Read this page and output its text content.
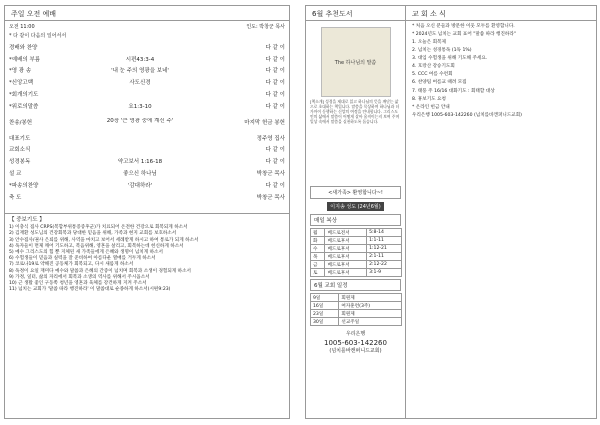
주일 오전 예배
오전 11:00	인도: 박창군 목사
* 다 같이 다음의 일어서서
경배와 찬양	다 같 이
*예배의 부름	시편43:3-4	다 같 이
*영 광 송	'내 눈 주의 영광을 보네'	다 같 이
*신앙고백	사도신경	다 같 이
*회개의기도	다 같 이
*위로의말씀	요1:3-10	다 같 이
찬송/봉헌	20장 '큰 영광 중에 계신 주'	마지막 헌금 봉헌
대표기도	정주영 집사
교회소식	다 같 이
성경봉독	약고보서 1:16-18	다 같 이
설 교	좋으신 하나님	박창군 목사
*파송의찬양	'감대하라'	다 같 이
축 도	박창군 목사
【 중보기도 】
1) 이충식 집사 CRPS(복합부위통증증후군)가 치료되어 온전한 건강으로 회복되게 하소서
2) 김재환 성도님의 건강회복과 당대한 믿음을 위해, 가족과 현지 교회를 보호하소서
3) 안수집사/권사 은퇴를 위해, 사역을 마치고 보어서 세례받게 하시고 하여 통로가 되게 하소서
4) 독자들이 면제 깨어 기도하고, 복음위해, 영혼을 살리고, 회복하는데 헌신하게 하소서
5) 예수 그리스도의 힘 뿐 지체된 새 가족들에게 은혜와 생명이 넘치게 하소서
6) 수험생들이 믿음과 실력을 잘 준비하여 아름다운 열매를 거두게 하소서
7) 코로나19로 약해진 공동체가 회복되고, 다시 새롭게 하소서
8) 독정이 요일 재미다 예수와 말씀과 은혜의 간증이 넘치며 회복과 소생이 경험되게 하소서
9) 가정, 일터, 삶의 자리에서 회복과 소생의 역사를 위해서 주시옵소서
10) 근 생활 좋인 구동쪽 청년을 영혼과 육체를 강건하게 지켜 주소서
11) 넘치는 교회가 '말씀 따라 행진하라' 이 말씀대로 순종하게 하소서(시편9:23)
6월 추천도서	교 회 소 식
The 하나님의 말씀
[책소개] 성경을 제대로 읽고 하나님의 뜻을 깨닫는 삶으로 초대하는 책입니다. 말씀을 묵상하며 하나님과 더 가까이 동행하는 신앙의 여정을 안내합니다. 그리스도인의 삶에서 말씀이 어떻게 살아 움직이는지 보여 주며 일상 속에서 말씀을 실천하도록 돕습니다.
<새가족> 환영합니다~!
이지송 성도 (24년6월)
매일 복상
월	베드로전서	5:8-14
화	베드로후서	1:1-11
수	베드로후서	1:12-21
목	베드로후서	2:1-11
금	베드로후서	2:12-22
토	베드로후서	3:1-9
6월 교회 일정
9일	회원제
16일	여자훈련(3주)
23일	회원제
30일	선교주일
우리은행
1005-603-142260
(넘치를바캔퍼니드교회)

* 처음 오신 분들과 방문한 이웃 모두를 환영합니다.

* 2024년도 넘치는 교회 표어 "말씀 따라 행진하라"

1. 오늘은 회복제

2. 넘치는 성경통독 (1독 1%)

3. 대입 수험생을 위해 기도해 주세요.

4. 호캉산 강승기도회

5. CCC 여름 수련회

6. 찬양팀 여름교 때려 모집

7. 태풍 주 16/16 대화기도 : 회태할 대상

8. 휴보기도 요청

* 온라인 헌금 안내

우리은행 1005-603-142260 (넘치를바캔퍼니드교회)
